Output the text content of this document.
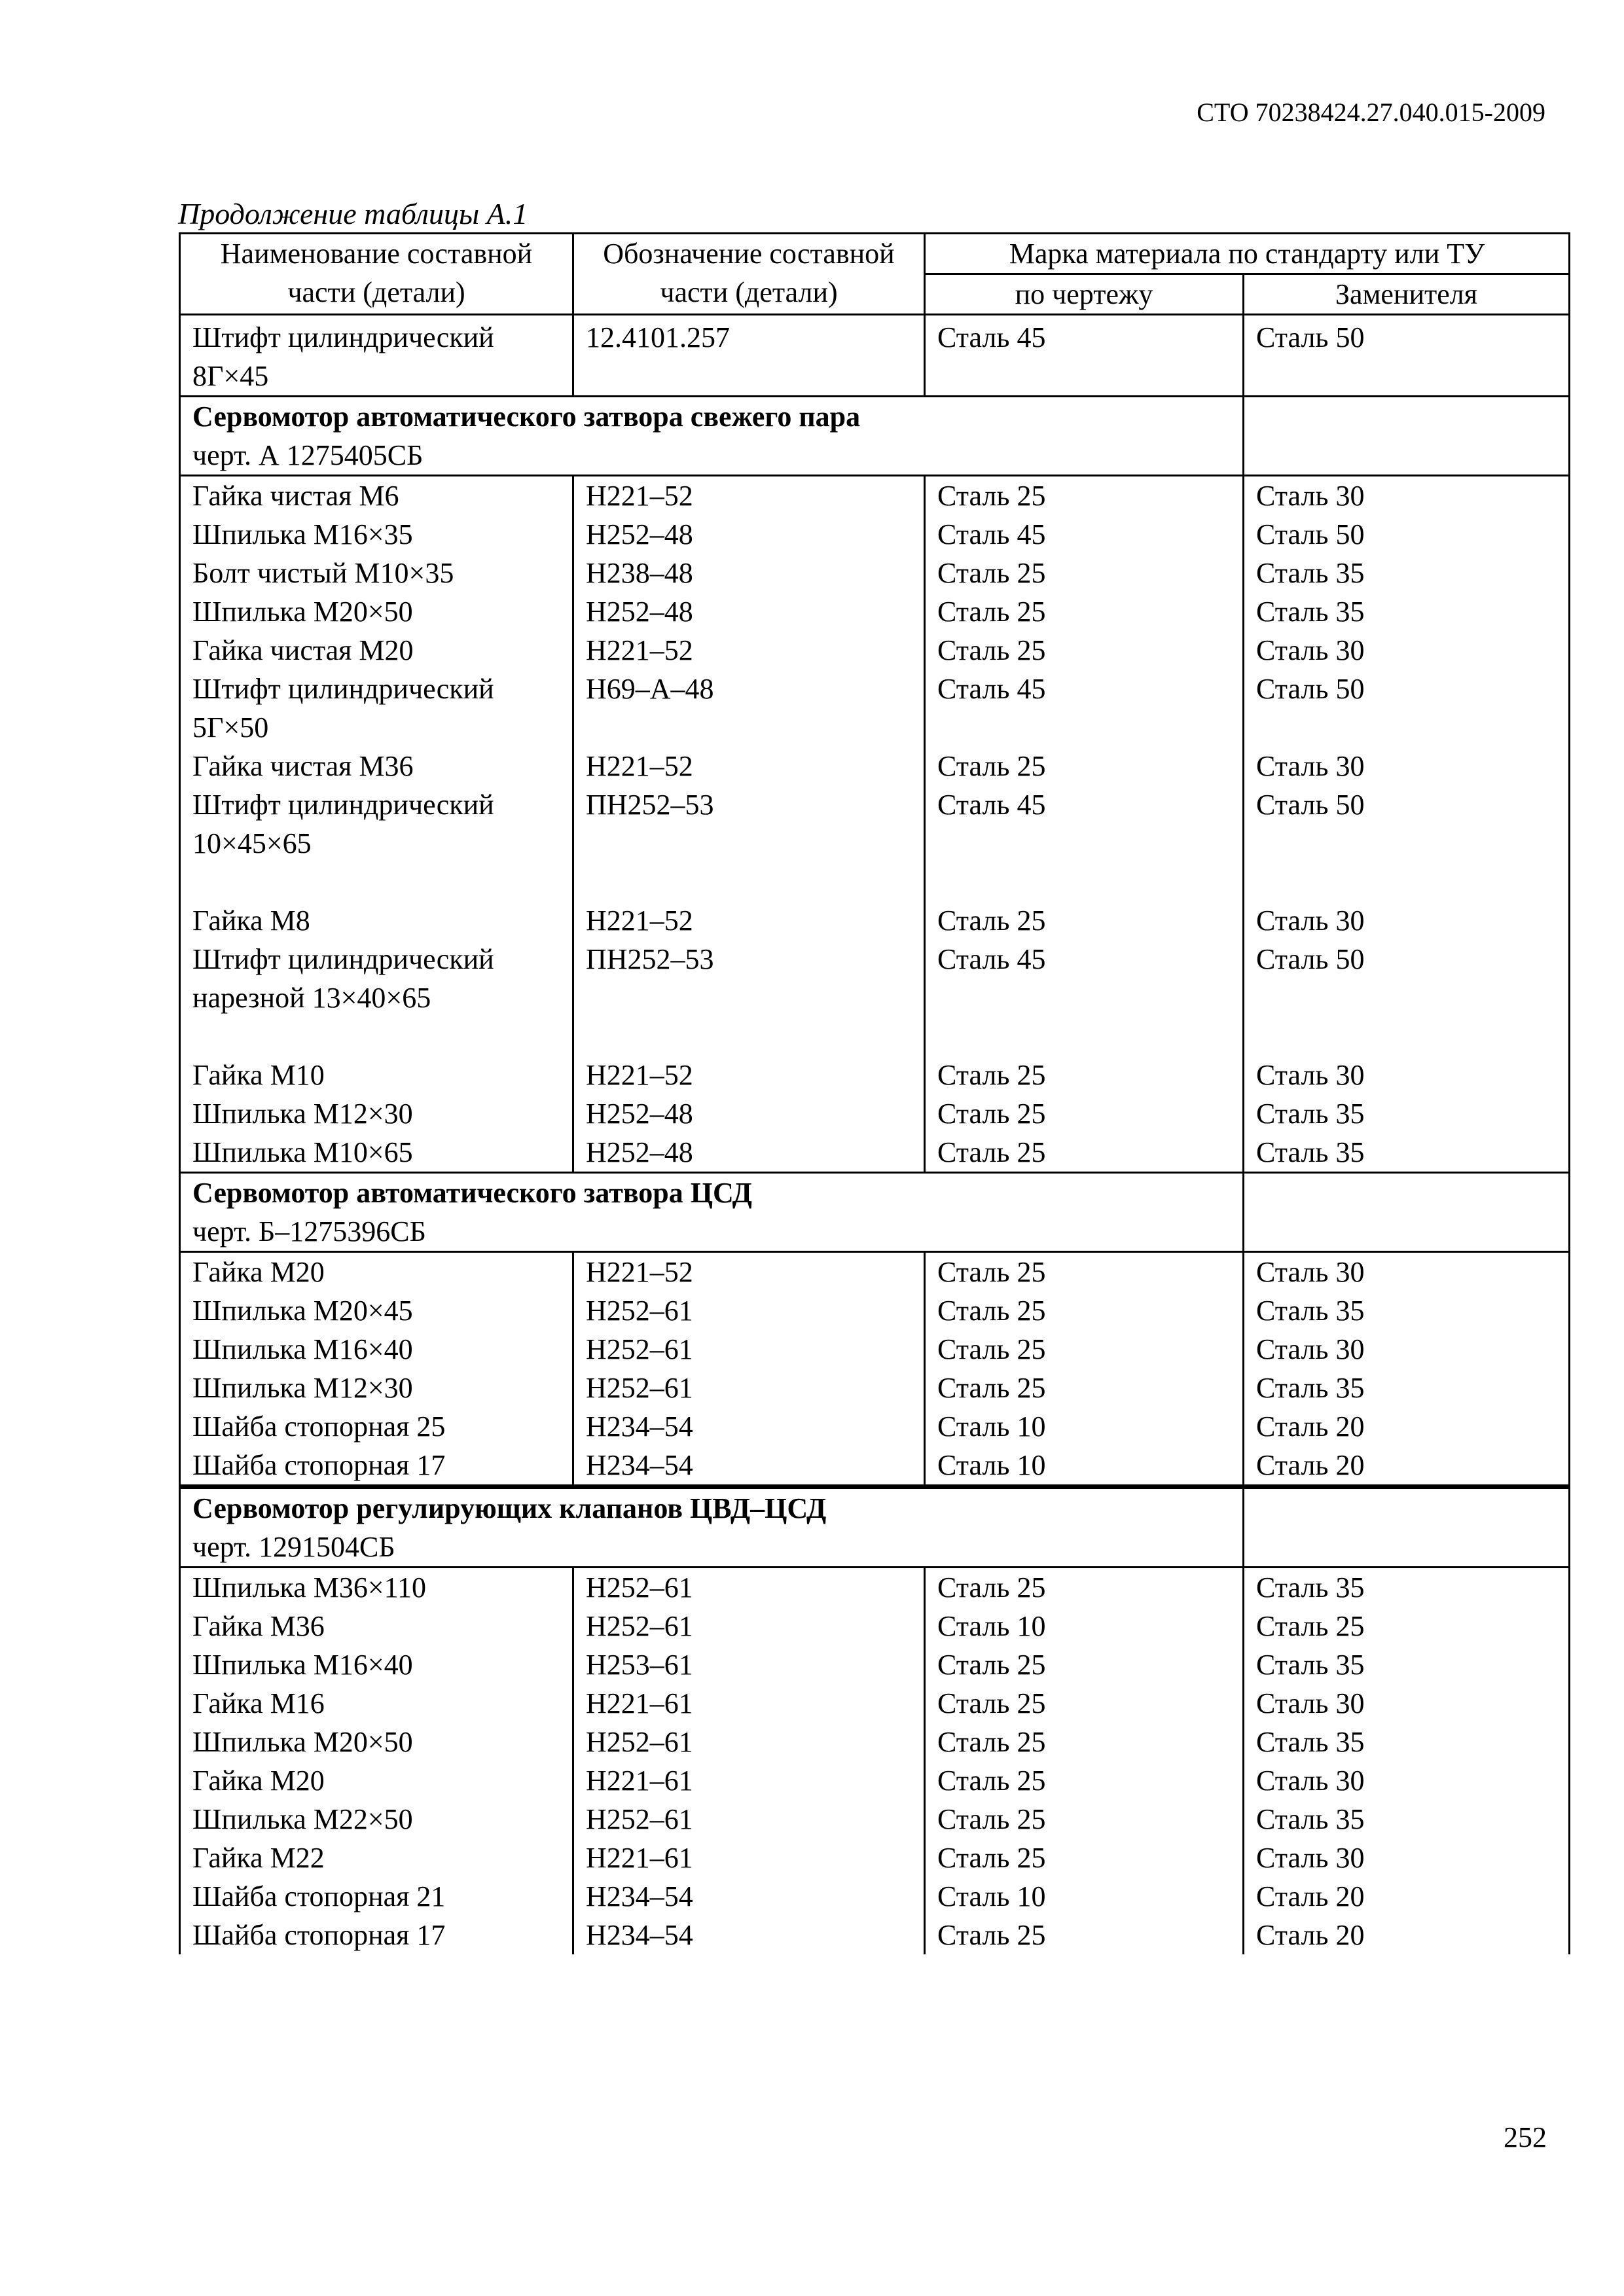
СТО 70238424.27.040.015-2009
Продолжение таблицы А.1
Наименование составной части (детали)	Обозначение составной части (детали)	Марка материала по стандарту или ТУ	
		по чертежу	Заменителя
Штифт цилиндрический 8Г×45	12.4101.257	Сталь 45	Сталь 50

Сервомотор автоматического затвора свежего пара
черт. А 1275405СБ			

Гайка чистая М6	Н221–52	Сталь 25	Сталь 30
Шпилька М16×35	Н252–48	Сталь 45	Сталь 50
Болт чистый М10×35	Н238–48	Сталь 25	Сталь 35
Шпилька М20×50	Н252–48	Сталь 25	Сталь 35
Гайка чистая М20	Н221–52	Сталь 25	Сталь 30
Штифт цилиндрический 5Г×50	Н69–А–48	Сталь 45	Сталь 50
Гайка чистая М36	Н221–52	Сталь 25	Сталь 30
Штифт цилиндрический 10×45×65	ПН252–53	Сталь 45	Сталь 50
Гайка М8	Н221–52	Сталь 25	Сталь 30
Штифт цилиндрический нарезной 13×40×65	ПН252–53	Сталь 45	Сталь 50
Гайка М10	Н221–52	Сталь 25	Сталь 30
Шпилька М12×30	Н252–48	Сталь 25	Сталь 35
Шпилька М10×65	Н252–48	Сталь 25	Сталь 35

Сервомотор автоматического затвора ЦСД
черт. Б–1275396СБ			

Гайка М20	Н221–52	Сталь 25	Сталь 30
Шпилька М20×45	Н252–61	Сталь 25	Сталь 35
Шпилька М16×40	Н252–61	Сталь 25	Сталь 30
Шпилька М12×30	Н252–61	Сталь 25	Сталь 35
Шайба стопорная 25	Н234–54	Сталь 10	Сталь 20
Шайба стопорная 17	Н234–54	Сталь 10	Сталь 20

Сервомотор регулирующих клапанов ЦВД–ЦСД
черт. 1291504СБ			

Шпилька М36×110	Н252–61	Сталь 25	Сталь 35
Гайка М36	Н252–61	Сталь 10	Сталь 25
Шпилька М16×40	Н253–61	Сталь 25	Сталь 35
Гайка М16	Н221–61	Сталь 25	Сталь 30
Шпилька М20×50	Н252–61	Сталь 25	Сталь 35
Гайка М20	Н221–61	Сталь 25	Сталь 30
Шпилька М22×50	Н252–61	Сталь 25	Сталь 35
Гайка М22	Н221–61	Сталь 25	Сталь 30
Шайба стопорная 21	Н234–54	Сталь 10	Сталь 20
Шайба стопорная 17	Н234–54	Сталь 25	Сталь 20
252
